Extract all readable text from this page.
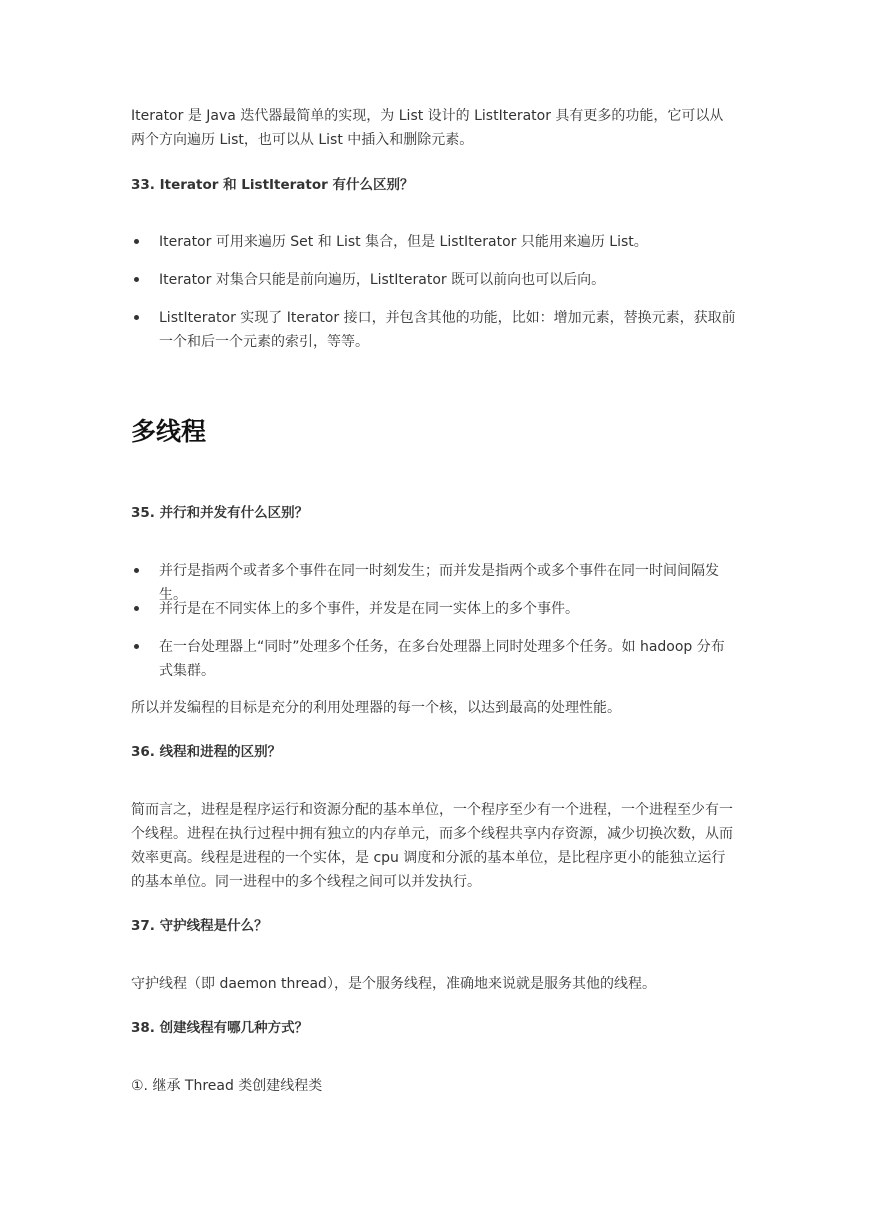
Iterator 是 Java 迭代器最简单的实现，为 List 设计的 ListIterator 具有更多的功能，它可以从两个方向遍历 List，也可以从 List 中插入和删除元素。

33. Iterator 和 ListIterator 有什么区别？

Iterator 可用来遍历 Set 和 List 集合，但是 ListIterator 只能用来遍历 List。

Iterator 对集合只能是前向遍历，ListIterator 既可以前向也可以后向。

ListIterator 实现了 Iterator 接口，并包含其他的功能，比如：增加元素，替换元素，获取前一个和后一个元素的索引，等等。

多线程

35. 并行和并发有什么区别？

并行是指两个或者多个事件在同一时刻发生；而并发是指两个或多个事件在同一时间间隔发生。

并行是在不同实体上的多个事件，并发是在同一实体上的多个事件。

在一台处理器上“同时”处理多个任务，在多台处理器上同时处理多个任务。如 hadoop 分布式集群。

所以并发编程的目标是充分的利用处理器的每一个核，以达到最高的处理性能。

36. 线程和进程的区别？

简而言之，进程是程序运行和资源分配的基本单位，一个程序至少有一个进程，一个进程至少有一个线程。进程在执行过程中拥有独立的内存单元，而多个线程共享内存资源，减少切换次数，从而效率更高。线程是进程的一个实体，是 cpu 调度和分派的基本单位，是比程序更小的能独立运行的基本单位。同一进程中的多个线程之间可以并发执行。

37. 守护线程是什么？

守护线程（即 daemon thread），是个服务线程，准确地来说就是服务其他的线程。

38. 创建线程有哪几种方式？

①. 继承 Thread 类创建线程类
